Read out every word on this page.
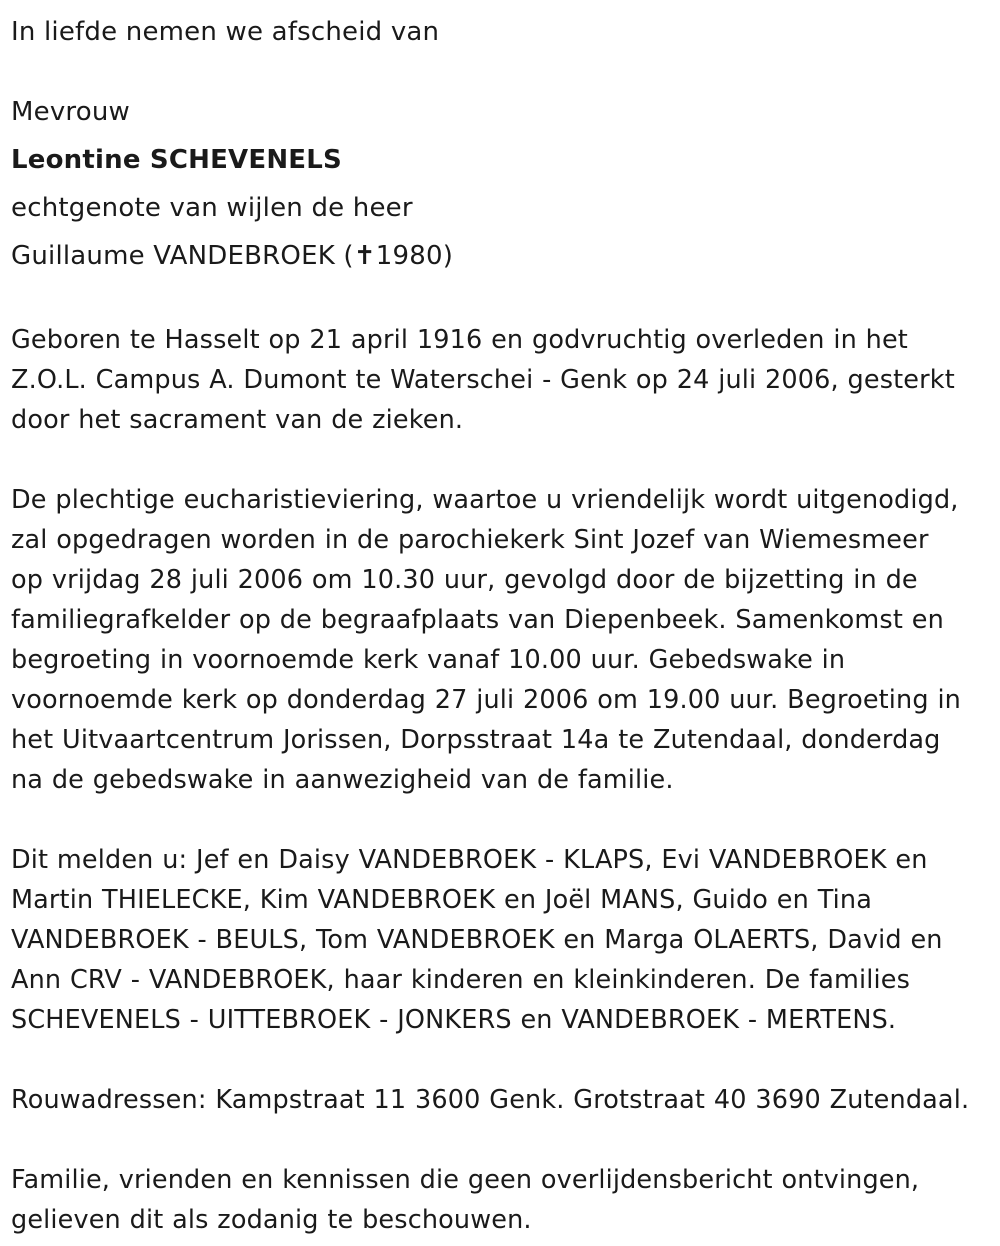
In liefde nemen we afscheid van

Mevrouw

Leontine SCHEVENELS

echtgenote van wijlen de heer

Guillaume VANDEBROEK (✝1980)

Geboren te Hasselt op 21 april 1916 en godvruchtig overleden in het
Z.O.L. Campus A. Dumont te Waterschei - Genk op 24 juli 2006, gesterkt
door het sacrament van de zieken.

De plechtige eucharistieviering, waartoe u vriendelijk wordt uitgenodigd,
zal opgedragen worden in de parochiekerk Sint Jozef van Wiemesmeer
op vrijdag 28 juli 2006 om 10.30 uur, gevolgd door de bijzetting in de
familiegrafkelder op de begraafplaats van Diepenbeek. Samenkomst en
begroeting in voornoemde kerk vanaf 10.00 uur. Gebedswake in
voornoemde kerk op donderdag 27 juli 2006 om 19.00 uur. Begroeting in
het Uitvaartcentrum Jorissen, Dorpsstraat 14a te Zutendaal, donderdag
na de gebedswake in aanwezigheid van de familie.

Dit melden u: Jef en Daisy VANDEBROEK - KLAPS, Evi VANDEBROEK en
Martin THIELECKE, Kim VANDEBROEK en Joël MANS, Guido en Tina
VANDEBROEK - BEULS, Tom VANDEBROEK en Marga OLAERTS, David en
Ann CRV - VANDEBROEK, haar kinderen en kleinkinderen. De families
SCHEVENELS - UITTEBROEK - JONKERS en VANDEBROEK - MERTENS.

Rouwadressen: Kampstraat 11 3600 Genk. Grotstraat 40 3690 Zutendaal.

Familie, vrienden en kennissen die geen overlijdensbericht ontvingen,
gelieven dit als zodanig te beschouwen.
